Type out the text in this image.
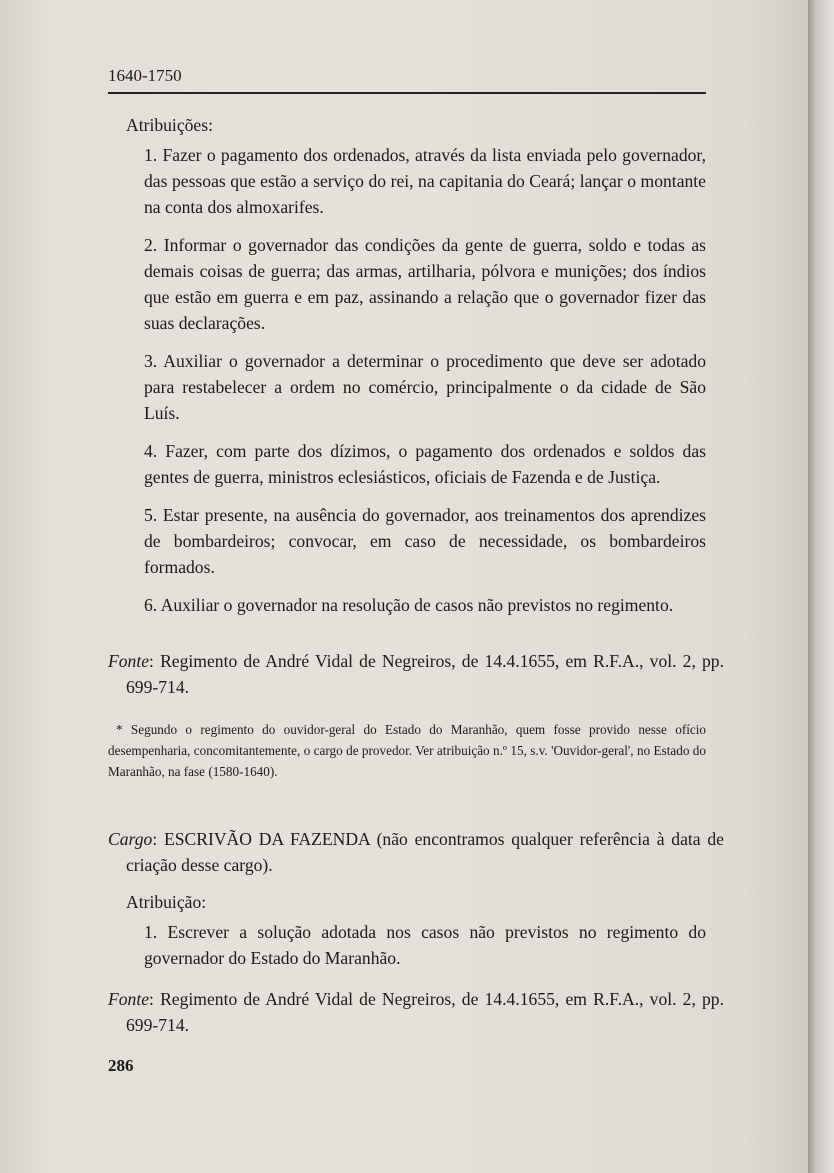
1640-1750
Atribuições:
1. Fazer o pagamento dos ordenados, através da lista enviada pelo governador, das pessoas que estão a serviço do rei, na capitania do Ceará; lançar o montante na conta dos almoxarifes.
2. Informar o governador das condições da gente de guerra, soldo e todas as demais coisas de guerra; das armas, artilharia, pólvora e munições; dos índios que estão em guerra e em paz, assinando a relação que o governador fizer das suas declarações.
3. Auxiliar o governador a determinar o procedimento que deve ser adotado para restabelecer a ordem no comércio, principalmente o da cidade de São Luís.
4. Fazer, com parte dos dízimos, o pagamento dos ordenados e soldos das gentes de guerra, ministros eclesiásticos, oficiais de Fazenda e de Justiça.
5. Estar presente, na ausência do governador, aos treinamentos dos aprendizes de bombardeiros; convocar, em caso de necessidade, os bombardeiros formados.
6. Auxiliar o governador na resolução de casos não previstos no regimento.
Fonte: Regimento de André Vidal de Negreiros, de 14.4.1655, em R.F.A., vol. 2, pp. 699-714.
* Segundo o regimento do ouvidor-geral do Estado do Maranhão, quem fosse provido nesse ofício desempenharia, concomitantemente, o cargo de provedor. Ver atribuição n.º 15, s.v. 'Ouvidor-geral', no Estado do Maranhão, na fase (1580-1640).
Cargo: ESCRIVÃO DA FAZENDA (não encontramos qualquer referência à data de criação desse cargo).
Atribuição:
1. Escrever a solução adotada nos casos não previstos no regimento do governador do Estado do Maranhão.
Fonte: Regimento de André Vidal de Negreiros, de 14.4.1655, em R.F.A., vol. 2, pp. 699-714.
286
